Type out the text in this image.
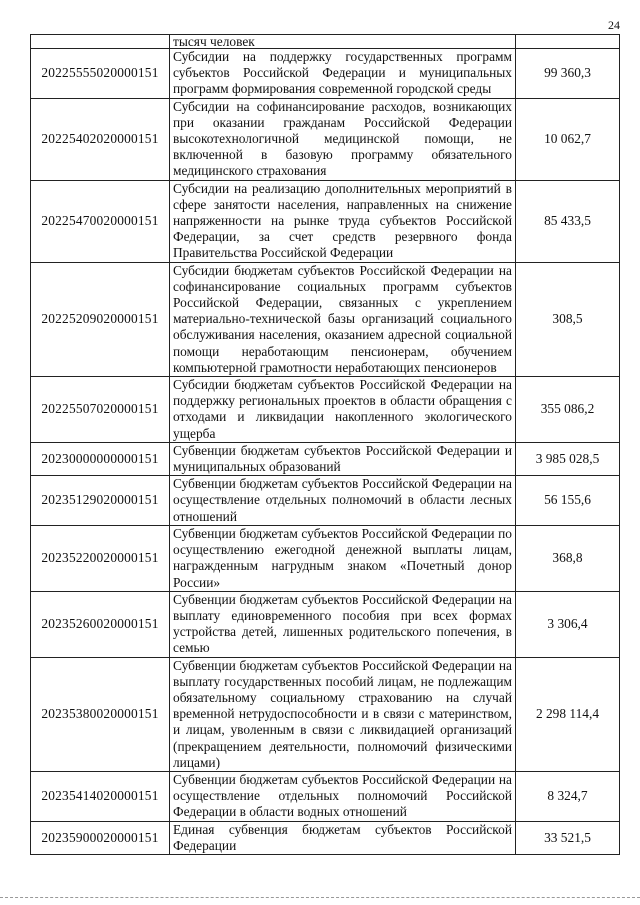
24
	тысяч человек	
20225555020000151	Субсидии на поддержку государственных программ субъектов Российской Федерации и муниципальных программ формирования современной городской среды	99 360,3
20225402020000151	Субсидии на софинансирование расходов, возникающих при оказании гражданам Российской Федерации высокотехнологичной медицинской помощи, не включенной в базовую программу обязательного медицинского страхования	10 062,7
20225470020000151	Субсидии на реализацию дополнительных мероприятий в сфере занятости населения, направленных на снижение напряженности на рынке труда субъектов Российской Федерации, за счет средств резервного фонда Правительства Российской Федерации	85 433,5
20225209020000151	Субсидии бюджетам субъектов Российской Федерации на софинансирование социальных программ субъектов Российской Федерации, связанных с укреплением материально-технической базы организаций социального обслуживания населения, оказанием адресной социальной помощи неработающим пенсионерам, обучением компьютерной грамотности неработающих пенсионеров	308,5
20225507020000151	Субсидии бюджетам субъектов Российской Федерации на поддержку региональных проектов в области обращения с отходами и ликвидации накопленного экологического ущерба	355 086,2
20230000000000151	Субвенции бюджетам субъектов Российской Федерации и муниципальных образований	3 985 028,5
20235129020000151	Субвенции бюджетам субъектов Российской Федерации на осуществление отдельных полномочий в области лесных отношений	56 155,6
20235220020000151	Субвенции бюджетам субъектов Российской Федерации по осуществлению ежегодной денежной выплаты лицам, награжденным нагрудным знаком «Почетный донор России»	368,8
20235260020000151	Субвенции бюджетам субъектов Российской Федерации на выплату единовременного пособия при всех формах устройства детей, лишенных родительского попечения, в семью	3 306,4
20235380020000151	Субвенции бюджетам субъектов Российской Федерации на выплату государственных пособий лицам, не подлежащим обязательному социальному страхованию на случай временной нетрудоспособности и в связи с материнством, и лицам, уволенным в связи с ликвидацией организаций (прекращением деятельности, полномочий физическими лицами)	2 298 114,4
20235414020000151	Субвенции бюджетам субъектов Российской Федерации на осуществление отдельных полномочий Российской Федерации в области водных отношений	8 324,7
20235900020000151	Единая субвенция бюджетам субъектов Российской Федерации	33 521,5
